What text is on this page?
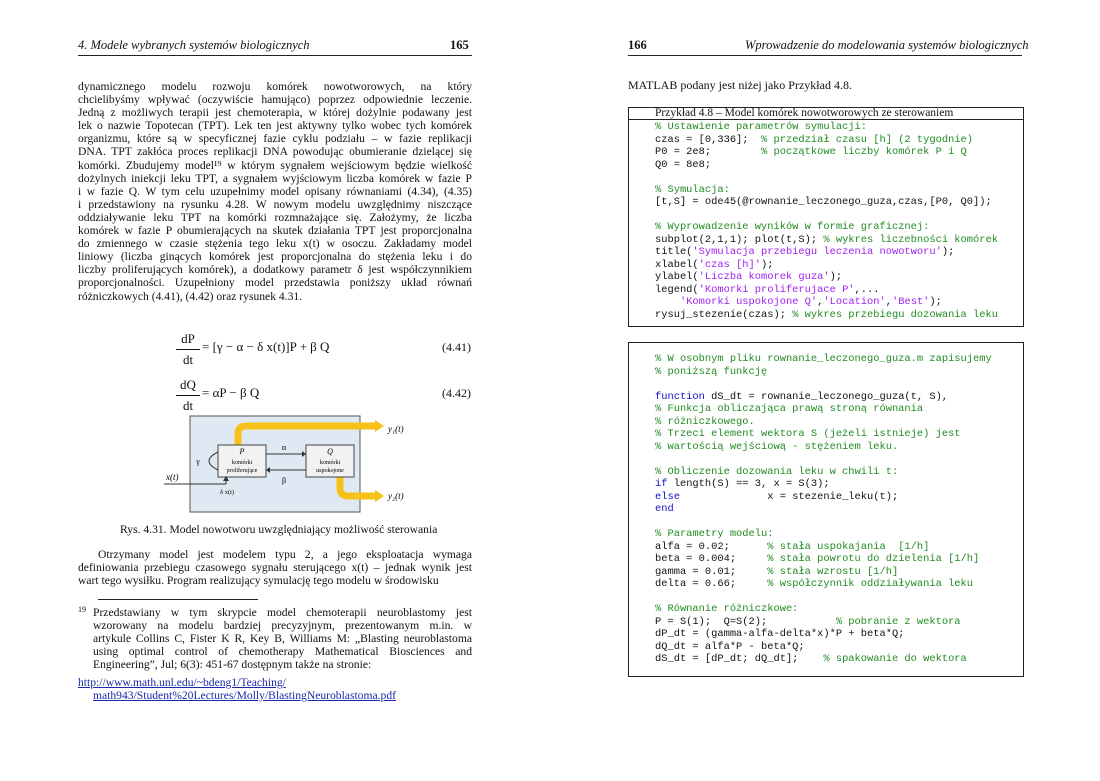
4. Modele wybranych systemów biologicznych	165
dynamicznego modelu rozwoju komórek nowotworowych, na który
chcielibyśmy wpływać (oczywiście hamująco) poprzez odpowiednie leczenie.
Jedną z możliwych terapii jest chemoterapia, w której dożylnie podawany jest
lek o nazwie Topotecan (TPT). Lek ten jest aktywny tylko wobec tych komórek
organizmu, które są w specyficznej fazie cyklu podziału – w fazie replikacji
DNA. TPT zakłóca proces replikacji DNA powodując obumieranie dzielącej się
komórki. Zbudujemy model¹⁹ w którym sygnałem wejściowym będzie wielkość
dożylnych iniekcji leku TPT, a sygnałem wyjściowym liczba komórek w fazie P
i w fazie Q. W tym celu uzupełnimy model opisany równaniami (4.34), (4.35)
i przedstawiony na rysunku 4.28. W nowym modelu uwzględnimy niszczące
oddziaływanie leku TPT na komórki rozmnażające się. Założymy, że liczba
komórek w fazie P obumierających na skutek działania TPT jest proporcjonalna
do zmiennego w czasie stężenia tego leku x(t) w osoczu. Zakładamy model
liniowy (liczba ginących komórek jest proporcjonalna do stężenia leku i do
liczby proliferujących komórek), a dodatkowy parametr δ jest współczynnikiem
proporcjonalności. Uzupełniony model przedstawia poniższy układ równań
różniczkowych (4.41), (4.42) oraz rysunek 4.31.
dP
dt
= [γ − α − δ x(t)]P + β Q	(4.41)
dQ
dt
= αP − β Q	(4.42)
P
komórki
proliferujące
Q
komórki
uspokojone
α
β
γ
x(t)
δ x(t)
y₁(t)
y₂(t)
Rys. 4.31. Model nowotworu uwzględniający możliwość sterowania
Otrzymany model jest modelem typu 2, a jego eksploatacja wymaga
definiowania przebiegu czasowego sygnału sterującego x(t) – jednak wynik jest
wart tego wysiłku. Program realizujący symulację tego modelu w środowisku
19 Przedstawiany w tym skrypcie model chemoterapii neuroblastomy jest
wzorowany na modelu bardziej precyzyjnym, prezentowanym m.in. w
artykule Collins C, Fister K R, Key B, Williams M: „Blasting neuroblastoma
using optimal control of chemotherapy Mathematical Biosciences and
Engineering”, Jul; 6(3): 451-67 dostępnym także na stronie:
http://www.math.unl.edu/~bdeng1/Teaching/
math943/Student%20Lectures/Molly/BlastingNeuroblastoma.pdf
166	Wprowadzenie do modelowania systemów biologicznych
MATLAB podany jest niżej jako Przykład 4.8.
Przykład 4.8 – Model komórek nowotworowych ze sterowaniem
% Ustawienie parametrów symulacji:
czas = [0,336];  % przedział czasu [h] (2 tygodnie)
P0 = 2e8;        % początkowe liczby komórek P i Q
Q0 = 8e8;

% Symulacja:
[t,S] = ode45(@rownanie_leczonego_guza,czas,[P0, Q0]);

% Wyprowadzenie wyników w formie graficznej:
subplot(2,1,1); plot(t,S); % wykres liczebności komórek
title('Symulacja przebiegu leczenia nowotworu');
xlabel('czas [h]');
ylabel('Liczba komorek guza');
legend('Komorki proliferujace P',...
'Komorki uspokojone Q','Location','Best');
rysuj_stezenie(czas); % wykres przebiegu dozowania leku
% W osobnym pliku rownanie_leczonego_guza.m zapisujemy
% poniższą funkcję

function dS_dt = rownanie_leczonego_guza(t, S),
% Funkcja obliczająca prawą stroną równania
% różniczkowego.
% Trzeci element wektora S (jeżeli istnieje) jest
% wartością wejściową - stężeniem leku.

% Obliczenie dozowania leku w chwili t:
if length(S) == 3, x = S(3);
else              x = stezenie_leku(t);
end

% Parametry modelu:
alfa = 0.02;      % stała uspokajania  [1/h]
beta = 0.004;     % stała powrotu do dzielenia [1/h]
gamma = 0.01;     % stała wzrostu [1/h]
delta = 0.66;     % współczynnik oddziaływania leku

% Równanie różniczkowe:
P = S(1);  Q=S(2);           % pobranie z wektora
dP_dt = (gamma-alfa-delta*x)*P + beta*Q;
dQ_dt = alfa*P - beta*Q;
dS_dt = [dP_dt; dQ_dt];    % spakowanie do wektora
